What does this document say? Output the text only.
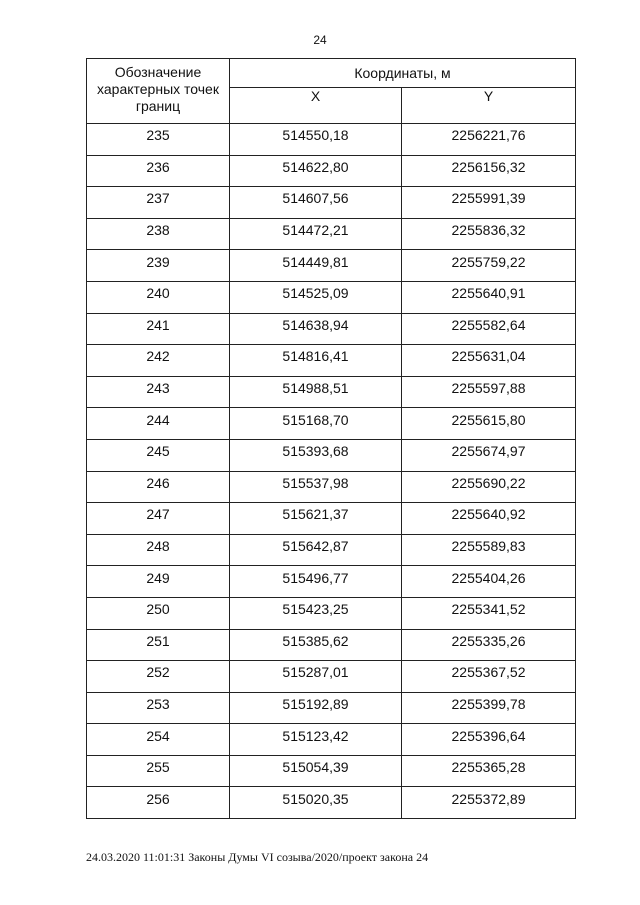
24
Обозначение характерных точек границ	Координаты, м	
	X	Y

235	514550,18	2256221,76

236	514622,80	2256156,32

237	514607,56	2255991,39

238	514472,21	2255836,32

239	514449,81	2255759,22

240	514525,09	2255640,91

241	514638,94	2255582,64

242	514816,41	2255631,04

243	514988,51	2255597,88

244	515168,70	2255615,80

245	515393,68	2255674,97

246	515537,98	2255690,22

247	515621,37	2255640,92

248	515642,87	2255589,83

249	515496,77	2255404,26

250	515423,25	2255341,52

251	515385,62	2255335,26

252	515287,01	2255367,52

253	515192,89	2255399,78

254	515123,42	2255396,64

255	515054,39	2255365,28

256	515020,35	2255372,89
24.03.2020 11:01:31 Законы Думы VI созыва/2020/проект закона 24
